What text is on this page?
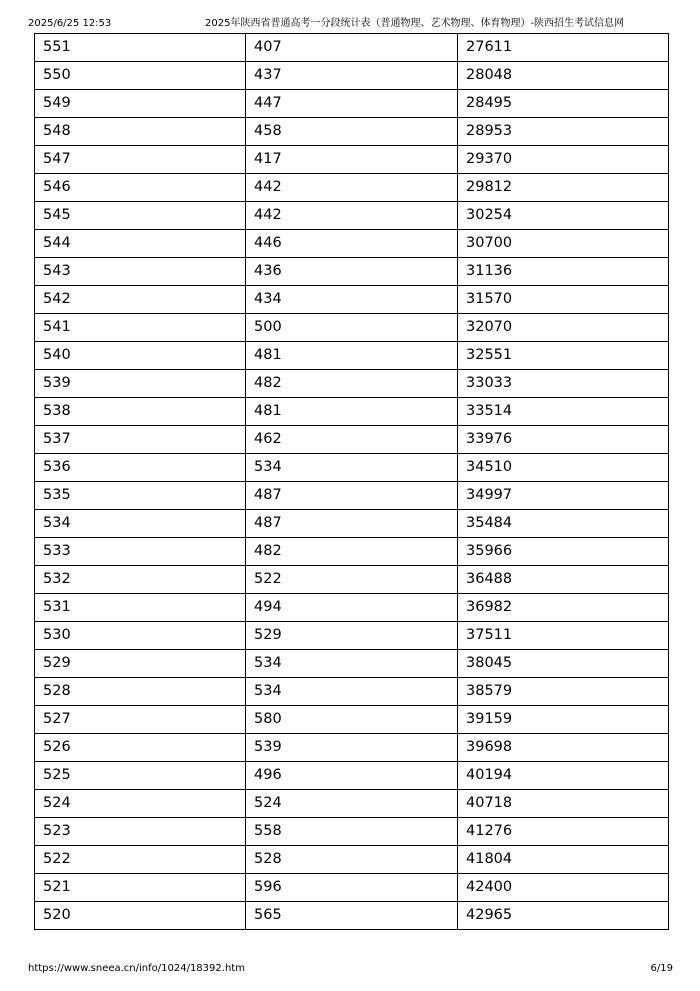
2025/6/25 12:53	2025年陕西省普通高考一分段统计表（普通物理、艺术物理、体育物理）-陕西招生考试信息网
551	407	27611
550	437	28048
549	447	28495
548	458	28953
547	417	29370
546	442	29812
545	442	30254
544	446	30700
543	436	31136
542	434	31570
541	500	32070
540	481	32551
539	482	33033
538	481	33514
537	462	33976
536	534	34510
535	487	34997
534	487	35484
533	482	35966
532	522	36488
531	494	36982
530	529	37511
529	534	38045
528	534	38579
527	580	39159
526	539	39698
525	496	40194
524	524	40718
523	558	41276
522	528	41804
521	596	42400
520	565	42965
https://www.sneea.cn/info/1024/18392.htm	6/19
